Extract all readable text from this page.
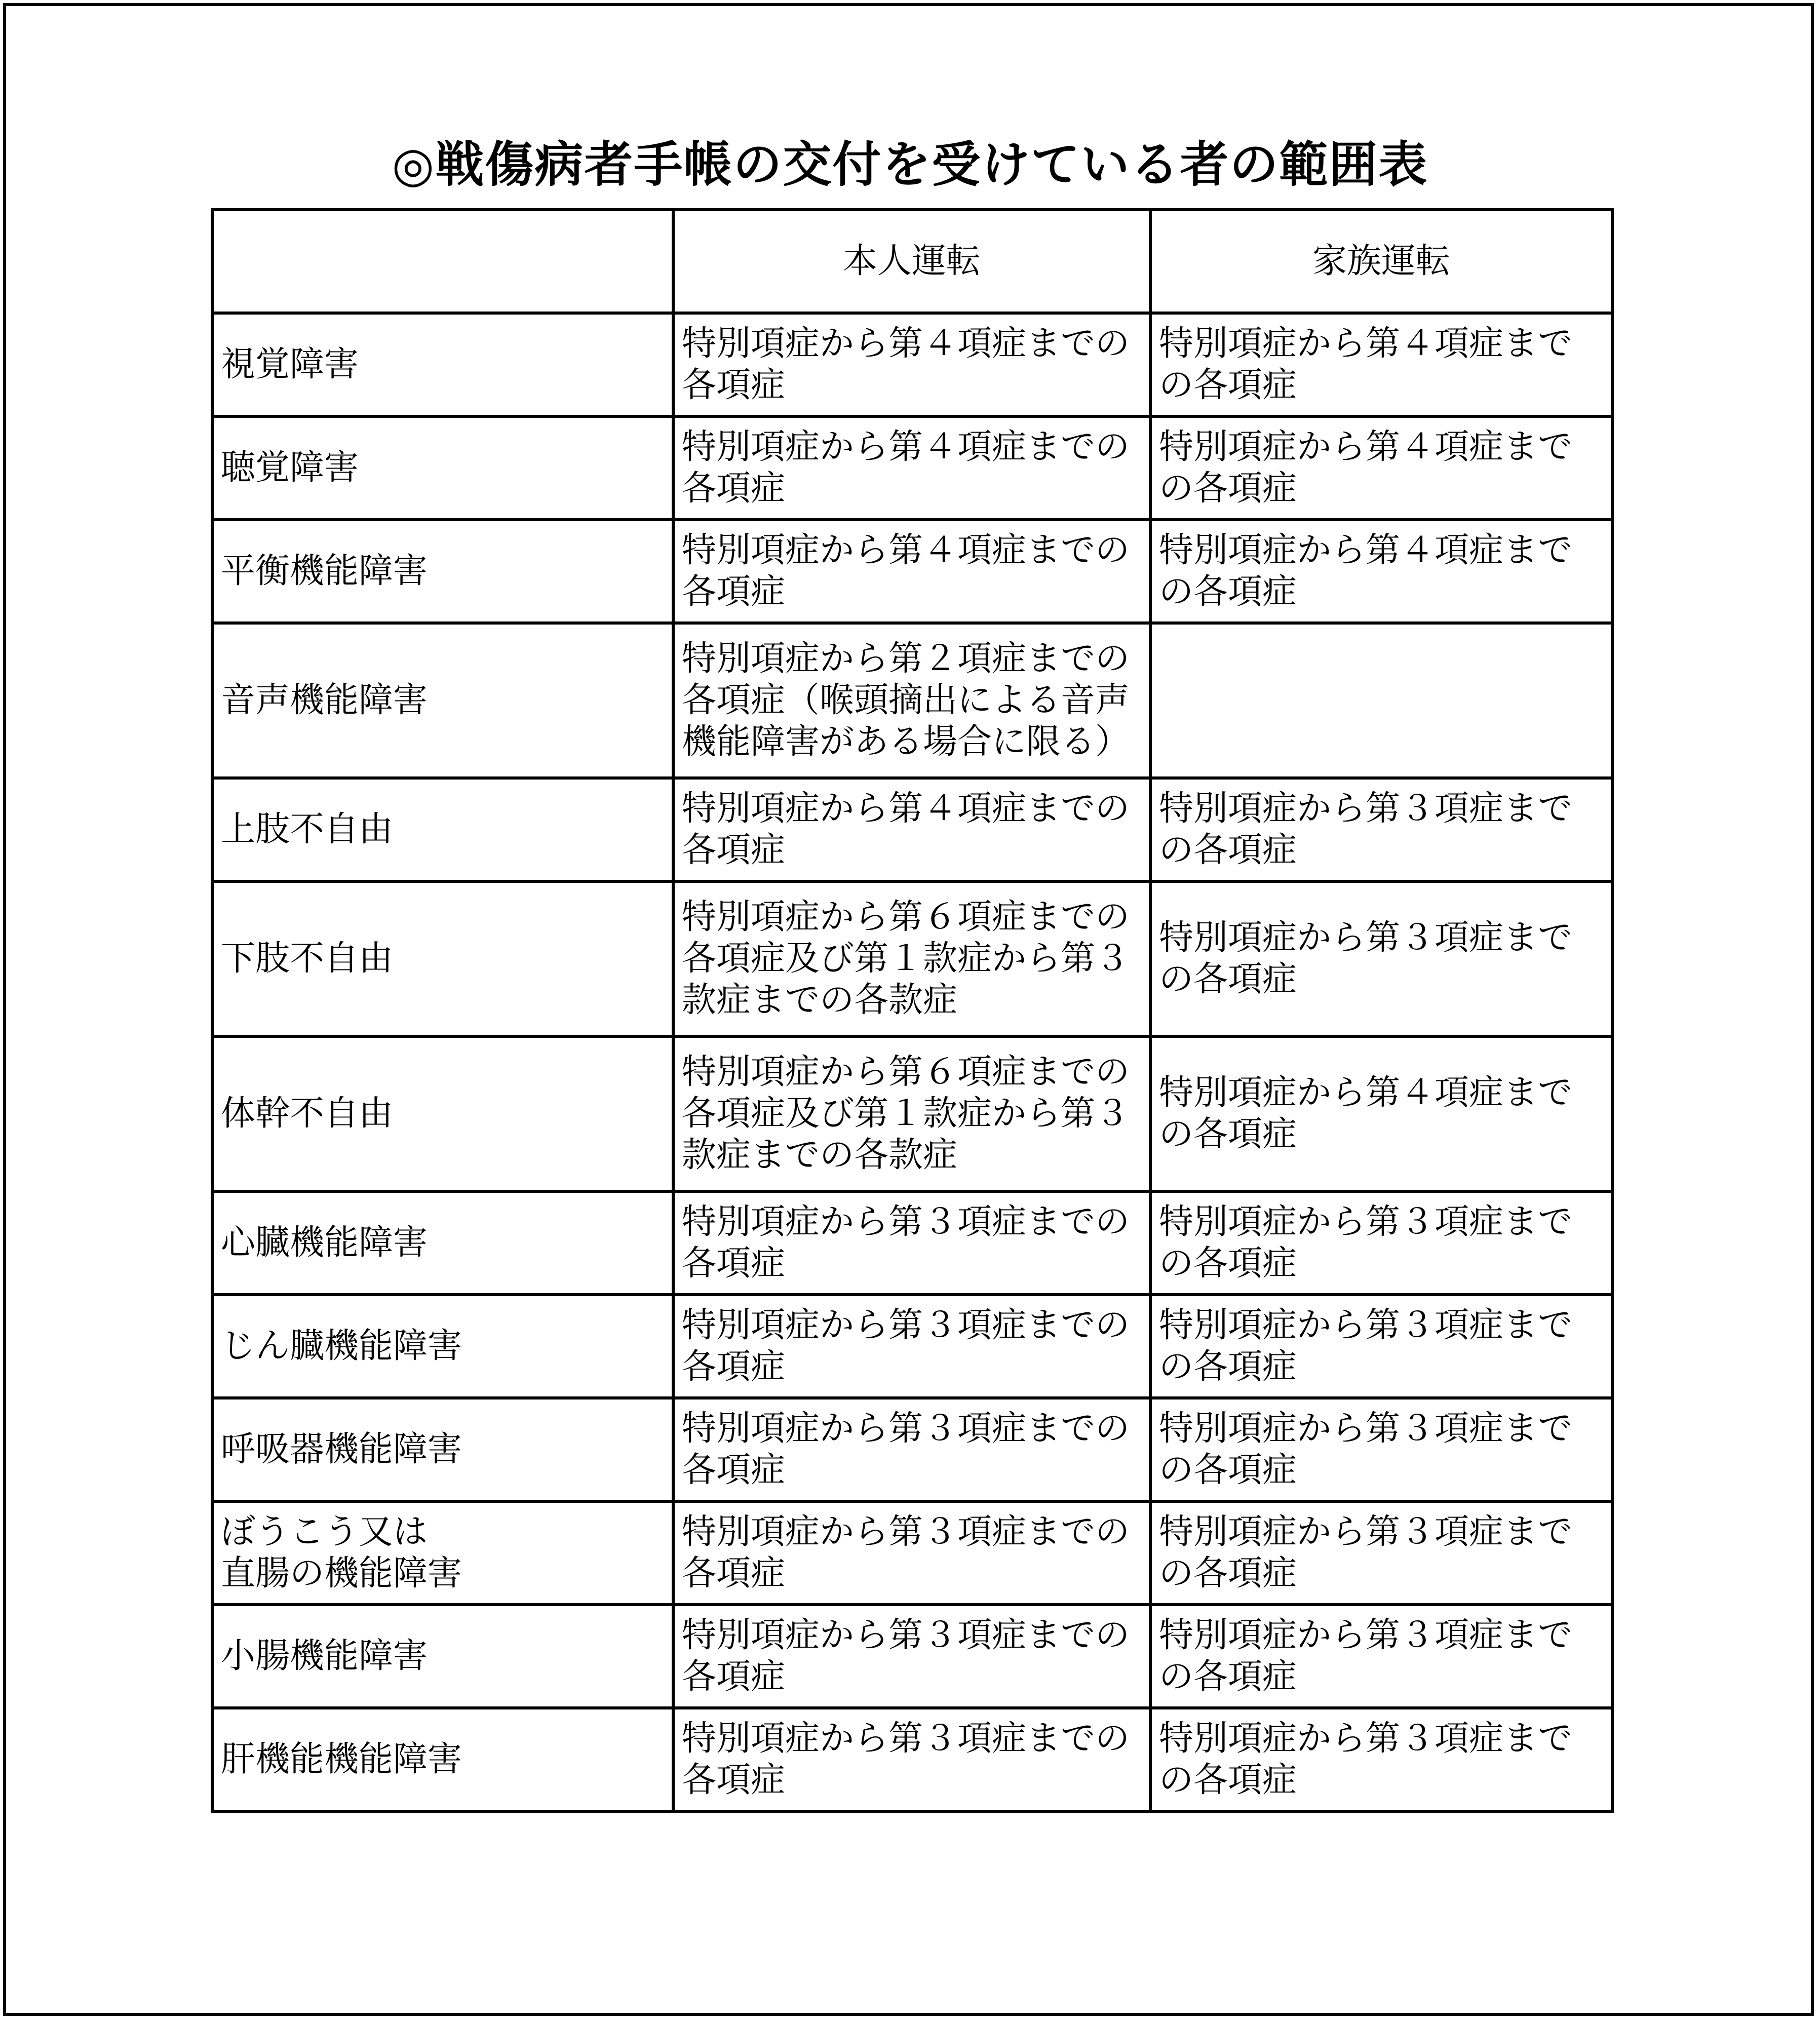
◎戦傷病者手帳の交付を受けている者の範囲表
	本人運転	家族運転
視覚障害	特別項症から第４項症までの各項症	特別項症から第４項症までの各項症
聴覚障害	特別項症から第４項症までの各項症	特別項症から第４項症までの各項症
平衡機能障害	特別項症から第４項症までの各項症	特別項症から第４項症までの各項症
音声機能障害	特別項症から第２項症までの各項症（喉頭摘出による音声機能障害がある場合に限る）	
上肢不自由	特別項症から第４項症までの各項症	特別項症から第３項症までの各項症
下肢不自由	特別項症から第６項症までの各項症及び第１款症から第３款症までの各款症	特別項症から第３項症までの各項症
体幹不自由	特別項症から第６項症までの各項症及び第１款症から第３款症までの各款症	特別項症から第４項症までの各項症
心臓機能障害	特別項症から第３項症までの各項症	特別項症から第３項症までの各項症
じん臓機能障害	特別項症から第３項症までの各項症	特別項症から第３項症までの各項症
呼吸器機能障害	特別項症から第３項症までの各項症	特別項症から第３項症までの各項症
ぼうこう又は
直腸の機能障害	特別項症から第３項症までの各項症	特別項症から第３項症までの各項症
小腸機能障害	特別項症から第３項症までの各項症	特別項症から第３項症までの各項症
肝機能機能障害	特別項症から第３項症までの各項症	特別項症から第３項症までの各項症
